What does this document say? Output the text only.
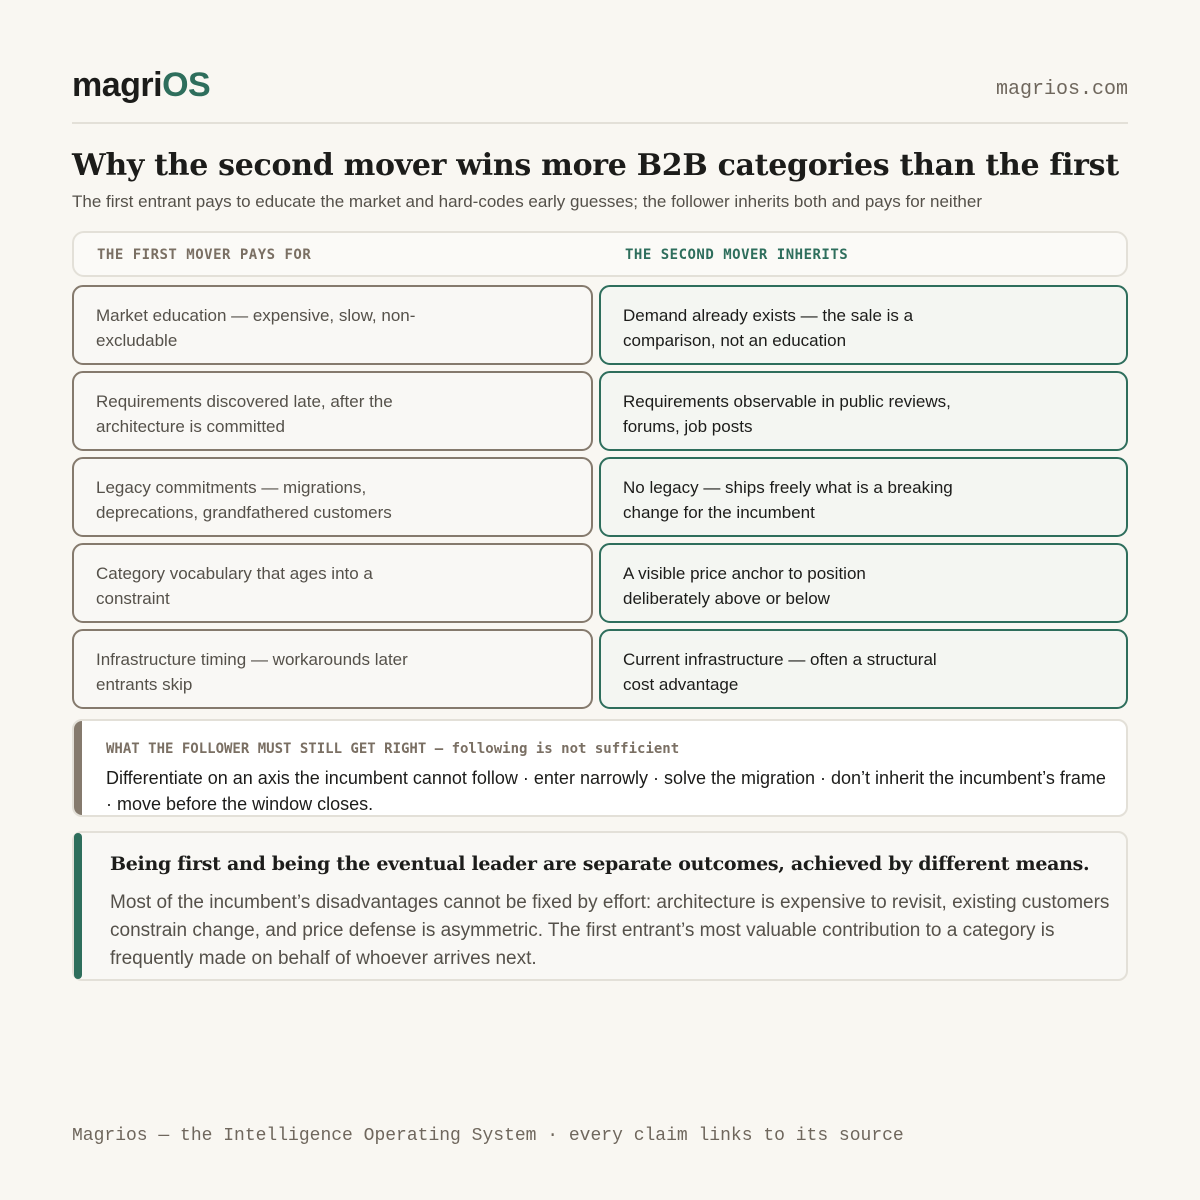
magriOS	magrios.com
Why the second mover wins more B2B categories than the first

The first entrant pays to educate the market and hard-codes early guesses; the follower inherits both and pays for neither

THE FIRST MOVER PAYS FOR	THE SECOND MOVER INHERITS
Market education — expensive, slow, non-excludable
Demand already exists — the sale is a comparison, not an education
Requirements discovered late, after the architecture is committed
Requirements observable in public reviews, forums, job posts
Legacy commitments — migrations, deprecations, grandfathered customers
No legacy — ships freely what is a breaking change for the incumbent
Category vocabulary that ages into a constraint
A visible price anchor to position deliberately above or below
Infrastructure timing — workarounds later entrants skip
Current infrastructure — often a structural cost advantage
WHAT THE FOLLOWER MUST STILL GET RIGHT — following is not sufficient
Differentiate on an axis the incumbent cannot follow · enter narrowly · solve the migration · don’t inherit the incumbent’s frame · move before the window closes.
Being first and being the eventual leader are separate outcomes, achieved by different means.
Most of the incumbent’s disadvantages cannot be fixed by effort: architecture is expensive to revisit, existing customers constrain change, and price defense is asymmetric. The first entrant’s most valuable contribution to a category is frequently made on behalf of whoever arrives next.
Magrios — the Intelligence Operating System · every claim links to its source
